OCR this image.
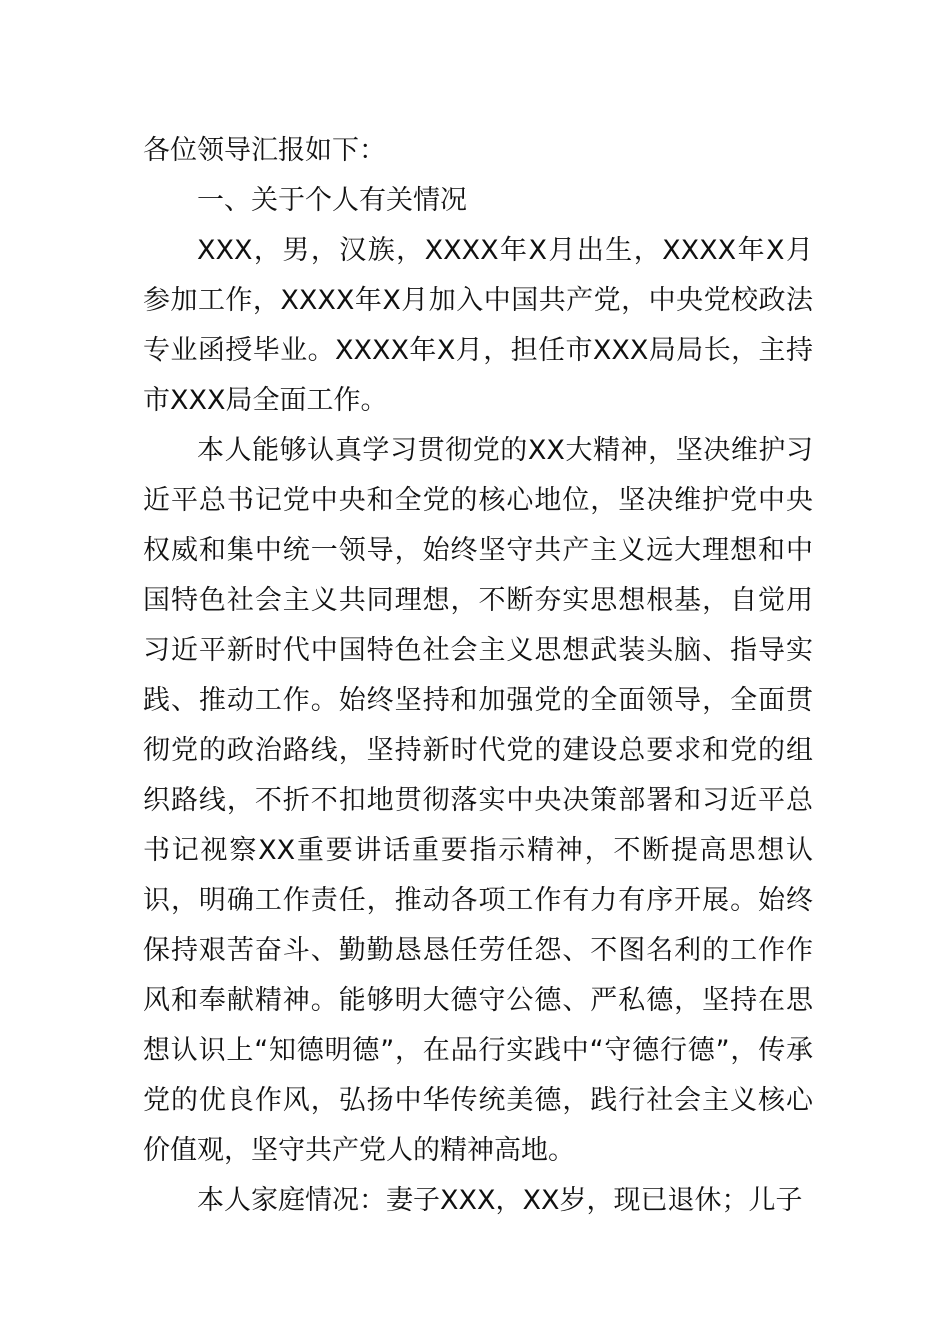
各位领导汇报如下：

一、关于个人有关情况

XXX，男，汉族，XXXX年X月出生，XXXX年X月参加工作，XXXX年X月加入中国共产党，中央党校政法专业函授毕业。XXXX年X月，担任市XXX局局长，主持市XXX局全面工作。

本人能够认真学习贯彻党的XX大精神，坚决维护习近平总书记党中央和全党的核心地位，坚决维护党中央权威和集中统一领导，始终坚守共产主义远大理想和中国特色社会主义共同理想，不断夯实思想根基，自觉用习近平新时代中国特色社会主义思想武装头脑、指导实践、推动工作。始终坚持和加强党的全面领导，全面贯彻党的政治路线，坚持新时代党的建设总要求和党的组织路线，不折不扣地贯彻落实中央决策部署和习近平总书记视察XX重要讲话重要指示精神，不断提高思想认识，明确工作责任，推动各项工作有力有序开展。始终保持艰苦奋斗、勤勤恳恳任劳任怨、不图名利的工作作风和奉献精神。能够明大德守公德、严私德，坚持在思想认识上“知德明德”，在品行实践中“守德行德”，传承党的优良作风，弘扬中华传统美德，践行社会主义核心价值观，坚守共产党人的精神高地。

本人家庭情况：妻子XXX，XX岁，现已退休；儿子
